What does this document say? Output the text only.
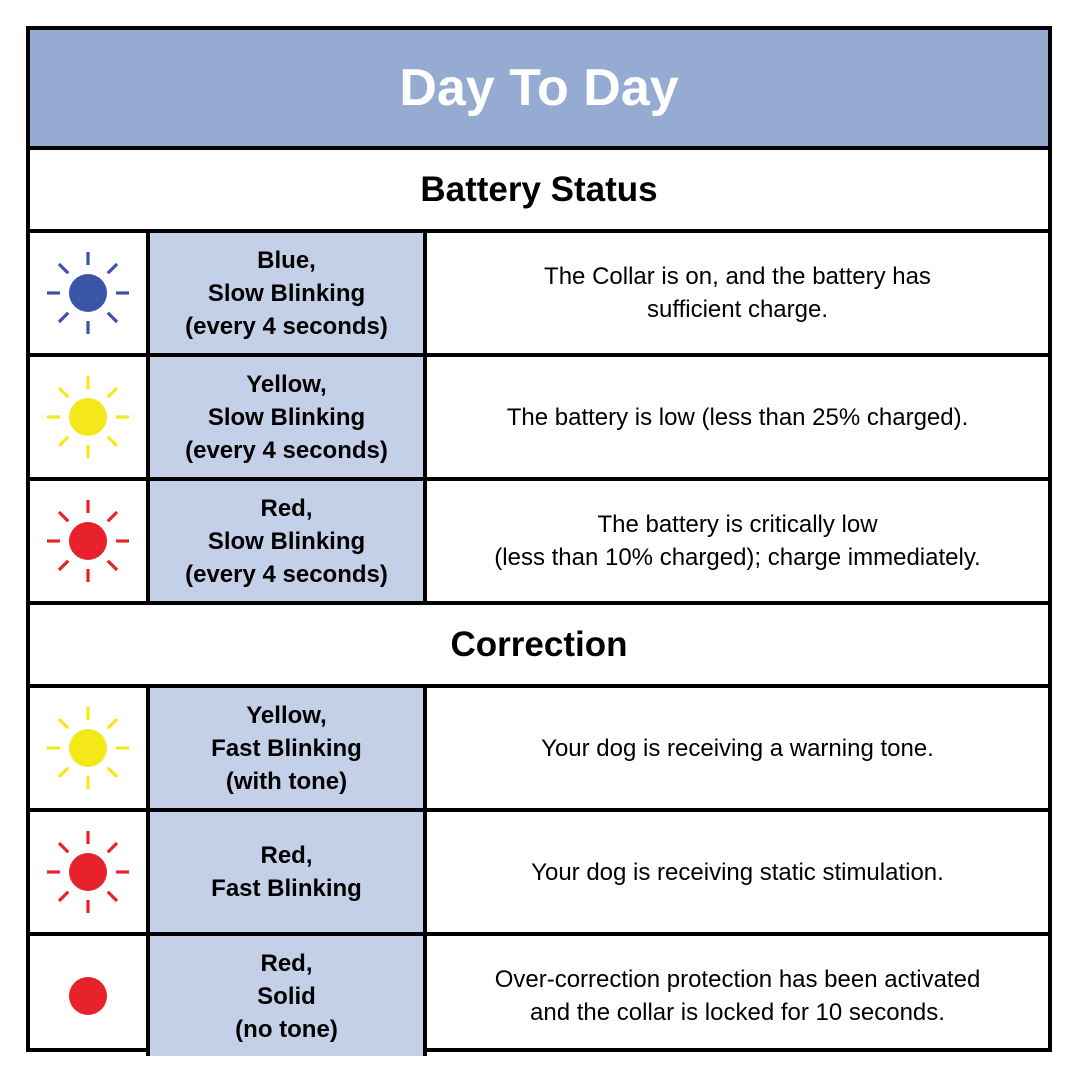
Day To Day
Battery Status
Blue,
Slow Blinking
(every 4 seconds)
The Collar is on, and the battery has
sufficient charge.
Yellow,
Slow Blinking
(every 4 seconds)
The battery is low (less than 25% charged).
Red,
Slow Blinking
(every 4 seconds)
The battery is critically low
(less than 10% charged); charge immediately.
Correction
Yellow,
Fast Blinking
(with tone)
Your dog is receiving a warning tone.
Red,
Fast Blinking
Your dog is receiving static stimulation.
Red,
Solid
(no tone)
Over-correction protection has been activated
and the collar is locked for 10 seconds.
